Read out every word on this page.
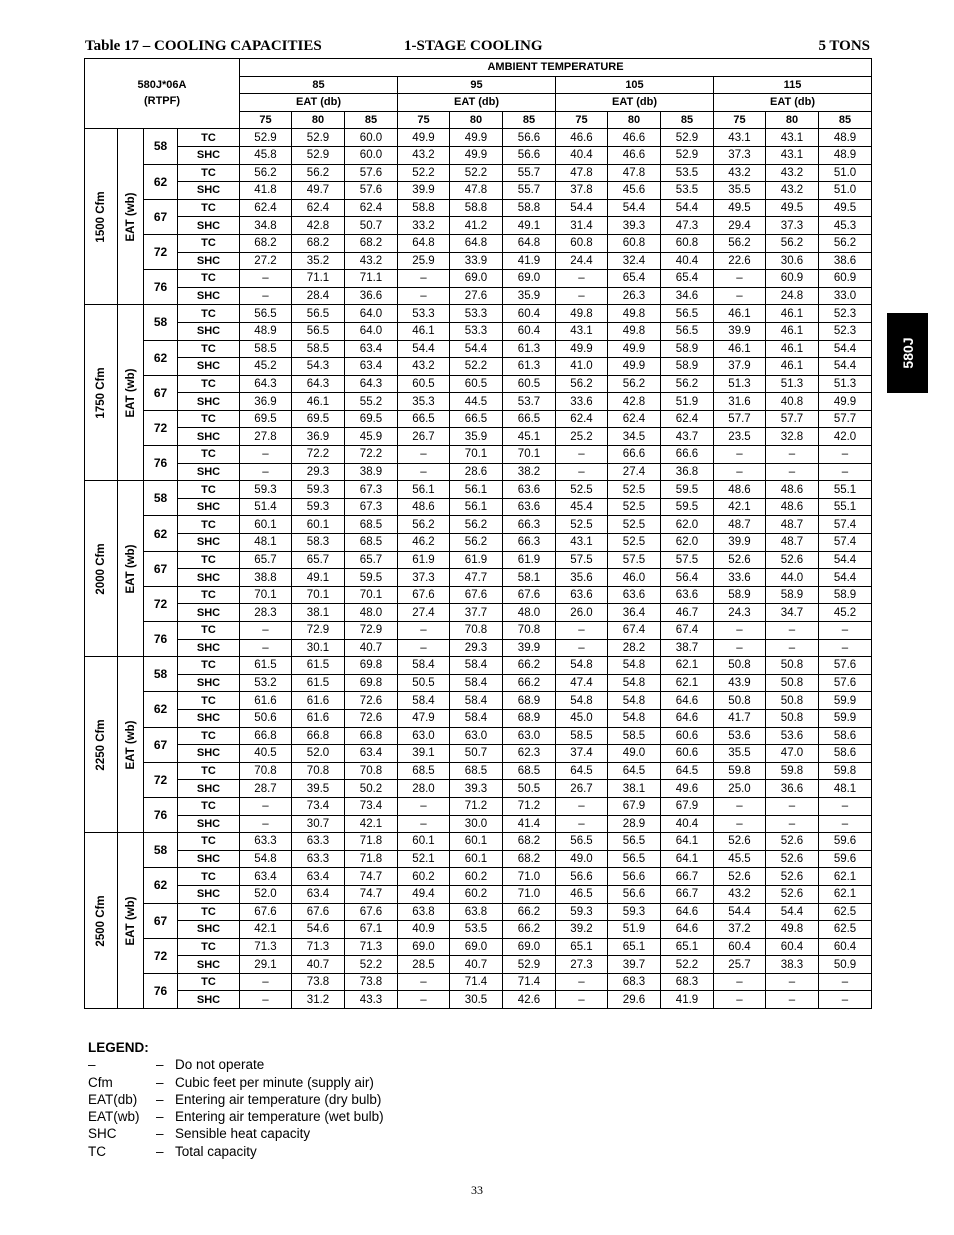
Table 17 – COOLING CAPACITIES	1-STAGE COOLING	5 TONS
580J
580J*06A
(RTPF)				AMBIENT TEMPERATURE											
				85			95			105			115		
				EAT (db)			EAT (db)			EAT (db)			EAT (db)		
				75	80	85	75	80	85	75	80	85	75	80	85

1500 Cfm	EAT (wb)	58	TC	52.9	52.9	60.0	49.9	49.9	56.6	46.6	46.6	52.9	43.1	43.1	48.9
			SHC	45.8	52.9	60.0	43.2	49.9	56.6	40.4	46.6	52.9	37.3	43.1	48.9
		62	TC	56.2	56.2	57.6	52.2	52.2	55.7	47.8	47.8	53.5	43.2	43.2	51.0
			SHC	41.8	49.7	57.6	39.9	47.8	55.7	37.8	45.6	53.5	35.5	43.2	51.0
		67	TC	62.4	62.4	62.4	58.8	58.8	58.8	54.4	54.4	54.4	49.5	49.5	49.5
			SHC	34.8	42.8	50.7	33.2	41.2	49.1	31.4	39.3	47.3	29.4	37.3	45.3
		72	TC	68.2	68.2	68.2	64.8	64.8	64.8	60.8	60.8	60.8	56.2	56.2	56.2
			SHC	27.2	35.2	43.2	25.9	33.9	41.9	24.4	32.4	40.4	22.6	30.6	38.6
		76	TC	–	71.1	71.1	–	69.0	69.0	–	65.4	65.4	–	60.9	60.9
			SHC	–	28.4	36.6	–	27.6	35.9	–	26.3	34.6	–	24.8	33.0

1750 Cfm	EAT (wb)	58	TC	56.5	56.5	64.0	53.3	53.3	60.4	49.8	49.8	56.5	46.1	46.1	52.3
			SHC	48.9	56.5	64.0	46.1	53.3	60.4	43.1	49.8	56.5	39.9	46.1	52.3
		62	TC	58.5	58.5	63.4	54.4	54.4	61.3	49.9	49.9	58.9	46.1	46.1	54.4
			SHC	45.2	54.3	63.4	43.2	52.2	61.3	41.0	49.9	58.9	37.9	46.1	54.4
		67	TC	64.3	64.3	64.3	60.5	60.5	60.5	56.2	56.2	56.2	51.3	51.3	51.3
			SHC	36.9	46.1	55.2	35.3	44.5	53.7	33.6	42.8	51.9	31.6	40.8	49.9
		72	TC	69.5	69.5	69.5	66.5	66.5	66.5	62.4	62.4	62.4	57.7	57.7	57.7
			SHC	27.8	36.9	45.9	26.7	35.9	45.1	25.2	34.5	43.7	23.5	32.8	42.0
		76	TC	–	72.2	72.2	–	70.1	70.1	–	66.6	66.6	–	–	–
			SHC	–	29.3	38.9	–	28.6	38.2	–	27.4	36.8	–	–	–

2000 Cfm	EAT (wb)	58	TC	59.3	59.3	67.3	56.1	56.1	63.6	52.5	52.5	59.5	48.6	48.6	55.1
			SHC	51.4	59.3	67.3	48.6	56.1	63.6	45.4	52.5	59.5	42.1	48.6	55.1
		62	TC	60.1	60.1	68.5	56.2	56.2	66.3	52.5	52.5	62.0	48.7	48.7	57.4
			SHC	48.1	58.3	68.5	46.2	56.2	66.3	43.1	52.5	62.0	39.9	48.7	57.4
		67	TC	65.7	65.7	65.7	61.9	61.9	61.9	57.5	57.5	57.5	52.6	52.6	54.4
			SHC	38.8	49.1	59.5	37.3	47.7	58.1	35.6	46.0	56.4	33.6	44.0	54.4
		72	TC	70.1	70.1	70.1	67.6	67.6	67.6	63.6	63.6	63.6	58.9	58.9	58.9
			SHC	28.3	38.1	48.0	27.4	37.7	48.0	26.0	36.4	46.7	24.3	34.7	45.2
		76	TC	–	72.9	72.9	–	70.8	70.8	–	67.4	67.4	–	–	–
			SHC	–	30.1	40.7	–	29.3	39.9	–	28.2	38.7	–	–	–

2250 Cfm	EAT (wb)	58	TC	61.5	61.5	69.8	58.4	58.4	66.2	54.8	54.8	62.1	50.8	50.8	57.6
			SHC	53.2	61.5	69.8	50.5	58.4	66.2	47.4	54.8	62.1	43.9	50.8	57.6
		62	TC	61.6	61.6	72.6	58.4	58.4	68.9	54.8	54.8	64.6	50.8	50.8	59.9
			SHC	50.6	61.6	72.6	47.9	58.4	68.9	45.0	54.8	64.6	41.7	50.8	59.9
		67	TC	66.8	66.8	66.8	63.0	63.0	63.0	58.5	58.5	60.6	53.6	53.6	58.6
			SHC	40.5	52.0	63.4	39.1	50.7	62.3	37.4	49.0	60.6	35.5	47.0	58.6
		72	TC	70.8	70.8	70.8	68.5	68.5	68.5	64.5	64.5	64.5	59.8	59.8	59.8
			SHC	28.7	39.5	50.2	28.0	39.3	50.5	26.7	38.1	49.6	25.0	36.6	48.1
		76	TC	–	73.4	73.4	–	71.2	71.2	–	67.9	67.9	–	–	–
			SHC	–	30.7	42.1	–	30.0	41.4	–	28.9	40.4	–	–	–

2500 Cfm	EAT (wb)	58	TC	63.3	63.3	71.8	60.1	60.1	68.2	56.5	56.5	64.1	52.6	52.6	59.6
			SHC	54.8	63.3	71.8	52.1	60.1	68.2	49.0	56.5	64.1	45.5	52.6	59.6
		62	TC	63.4	63.4	74.7	60.2	60.2	71.0	56.6	56.6	66.7	52.6	52.6	62.1
			SHC	52.0	63.4	74.7	49.4	60.2	71.0	46.5	56.6	66.7	43.2	52.6	62.1
		67	TC	67.6	67.6	67.6	63.8	63.8	66.2	59.3	59.3	64.6	54.4	54.4	62.5
			SHC	42.1	54.6	67.1	40.9	53.5	66.2	39.2	51.9	64.6	37.2	49.8	62.5
		72	TC	71.3	71.3	71.3	69.0	69.0	69.0	65.1	65.1	65.1	60.4	60.4	60.4
			SHC	29.1	40.7	52.2	28.5	40.7	52.9	27.3	39.7	52.2	25.7	38.3	50.9
		76	TC	–	73.8	73.8	–	71.4	71.4	–	68.3	68.3	–	–	–
			SHC	–	31.2	43.3	–	30.5	42.6	–	29.6	41.9	–	–	–
LEGEND:
–	– Do not operate
Cfm	– Cubic feet per minute (supply air)
EAT(db)	– Entering air temperature (dry bulb)
EAT(wb)	– Entering air temperature (wet bulb)
SHC	– Sensible heat capacity
TC	– Total capacity
33
